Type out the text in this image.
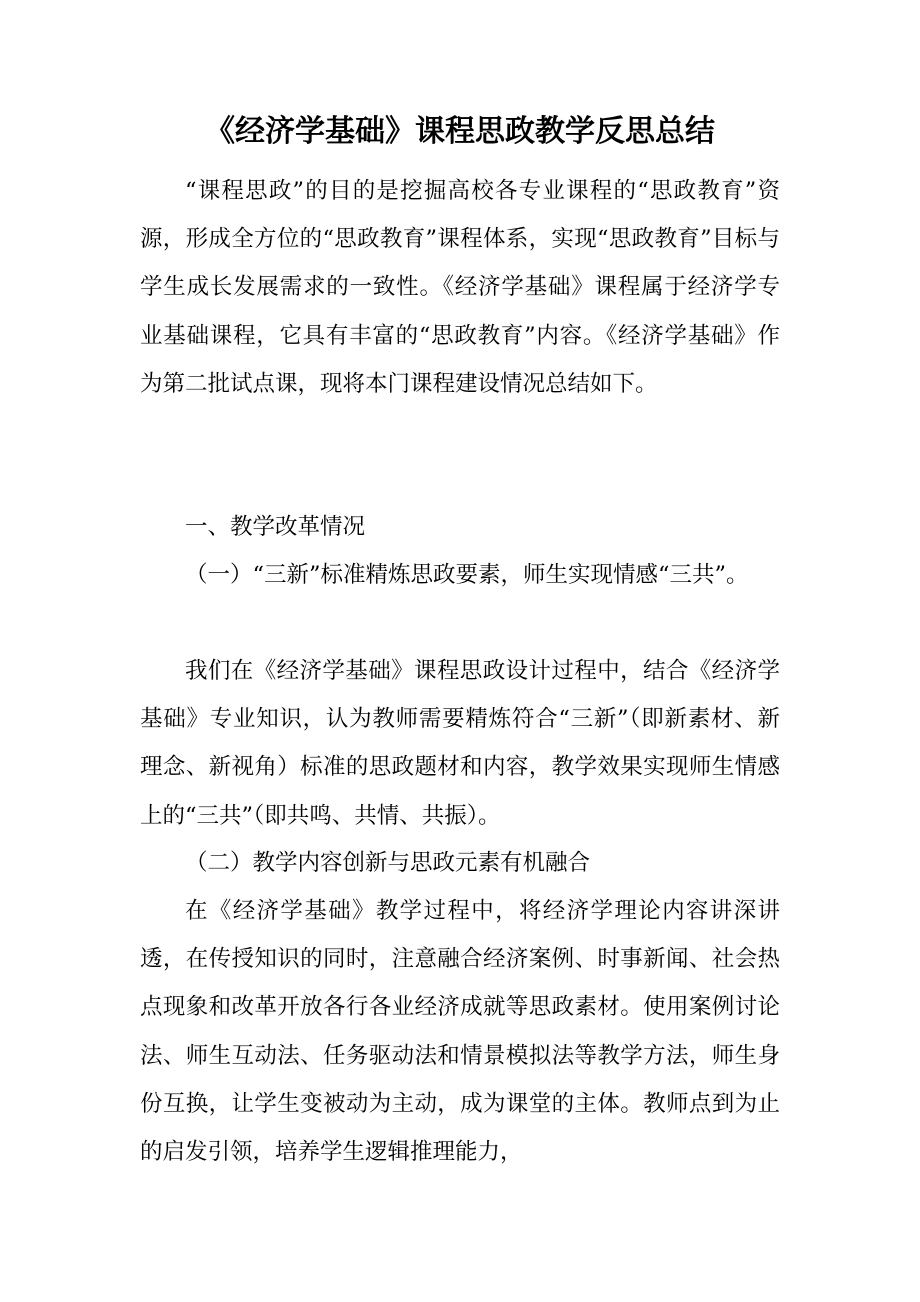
《经济学基础》课程思政教学反思总结

“课程思政”的目的是挖掘高校各专业课程的“思政教育”资源，形成全方位的“思政教育”课程体系，实现“思政教育”目标与学生成长发展需求的一致性。《经济学基础》课程属于经济学专业基础课程，它具有丰富的“思政教育”内容。《经济学基础》作为第二批试点课，现将本门课程建设情况总结如下。

一、教学改革情况

（一）“三新”标准精炼思政要素，师生实现情感“三共”。

我们在《经济学基础》课程思政设计过程中，结合《经济学基础》专业知识，认为教师需要精炼符合“三新”（即新素材、新理念、新视角）标准的思政题材和内容，教学效果实现师生情感上的“三共”（即共鸣、共情、共振）。

（二）教学内容创新与思政元素有机融合

在《经济学基础》教学过程中，将经济学理论内容讲深讲透，在传授知识的同时，注意融合经济案例、时事新闻、社会热点现象和改革开放各行各业经济成就等思政素材。使用案例讨论法、师生互动法、任务驱动法和情景模拟法等教学方法，师生身份互换，让学生变被动为主动，成为课堂的主体。教师点到为止的启发引领，培养学生逻辑推理能力，
